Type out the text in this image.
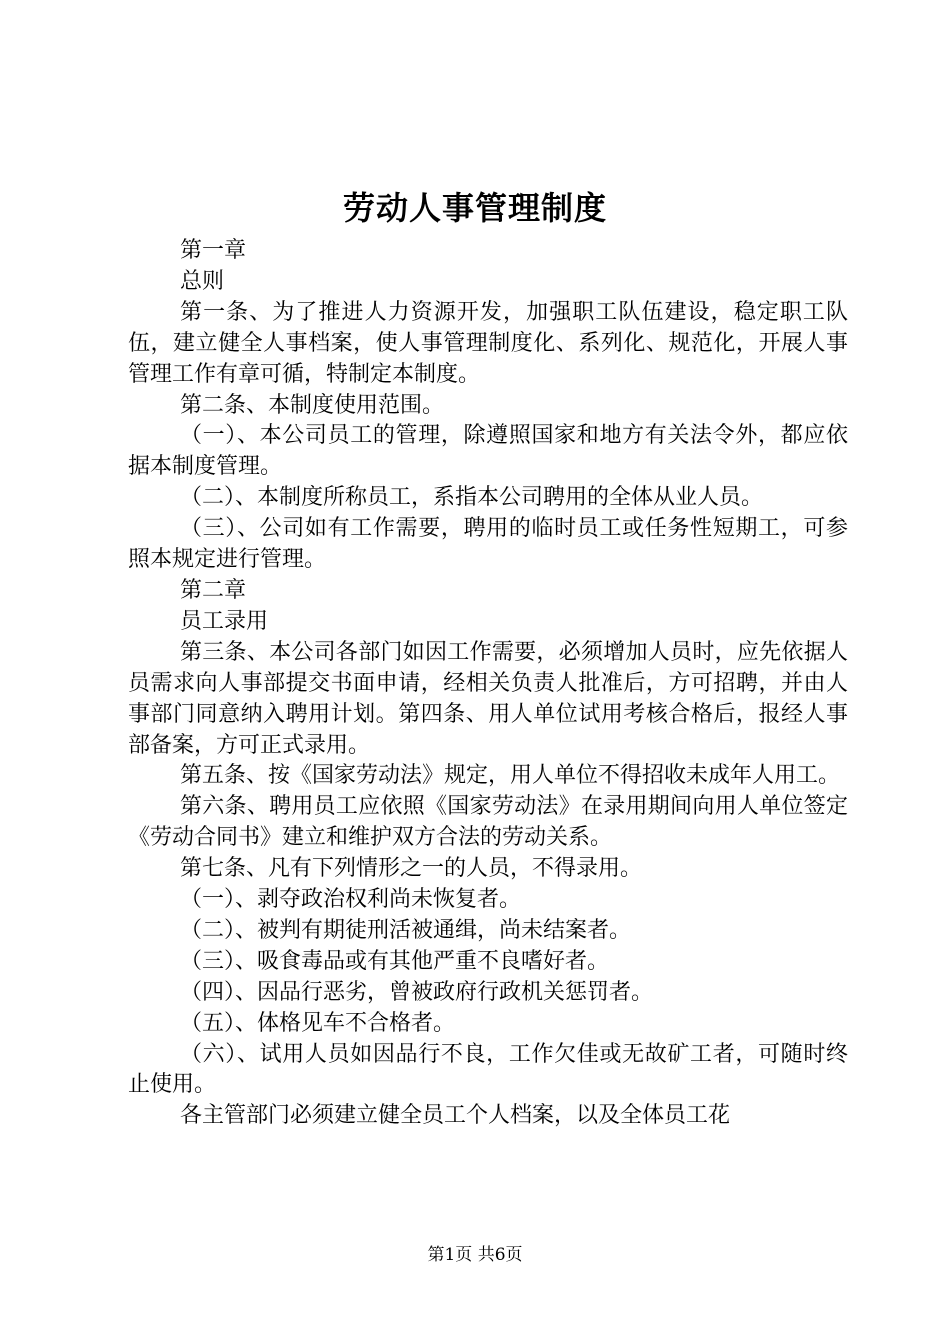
劳动人事管理制度

第一章

总则

第一条、为了推进人力资源开发，加强职工队伍建设，稳定职工队伍，建立健全人事档案，使人事管理制度化、系列化、规范化，开展人事管理工作有章可循，特制定本制度。

第二条、本制度使用范围。

（一）、本公司员工的管理，除遵照国家和地方有关法令外，都应依据本制度管理。

（二）、本制度所称员工，系指本公司聘用的全体从业人员。

（三）、公司如有工作需要，聘用的临时员工或任务性短期工，可参照本规定进行管理。

第二章

员工录用

第三条、本公司各部门如因工作需要，必须增加人员时，应先依据人员需求向人事部提交书面申请，经相关负责人批准后，方可招聘，并由人事部门同意纳入聘用计划。第四条、用人单位试用考核合格后，报经人事部备案，方可正式录用。

第五条、按《国家劳动法》规定，用人单位不得招收未成年人用工。

第六条、聘用员工应依照《国家劳动法》在录用期间向用人单位签定《劳动合同书》建立和维护双方合法的劳动关系。

第七条、凡有下列情形之一的人员，不得录用。

（一）、剥夺政治权利尚未恢复者。

（二）、被判有期徒刑活被通缉，尚未结案者。

（三）、吸食毒品或有其他严重不良嗜好者。

（四）、因品行恶劣，曾被政府行政机关惩罚者。

（五）、体格见车不合格者。

（六）、试用人员如因品行不良，工作欠佳或无故矿工者，可随时终止使用。

各主管部门必须建立健全员工个人档案，以及全体员工花

第1页 共6页
